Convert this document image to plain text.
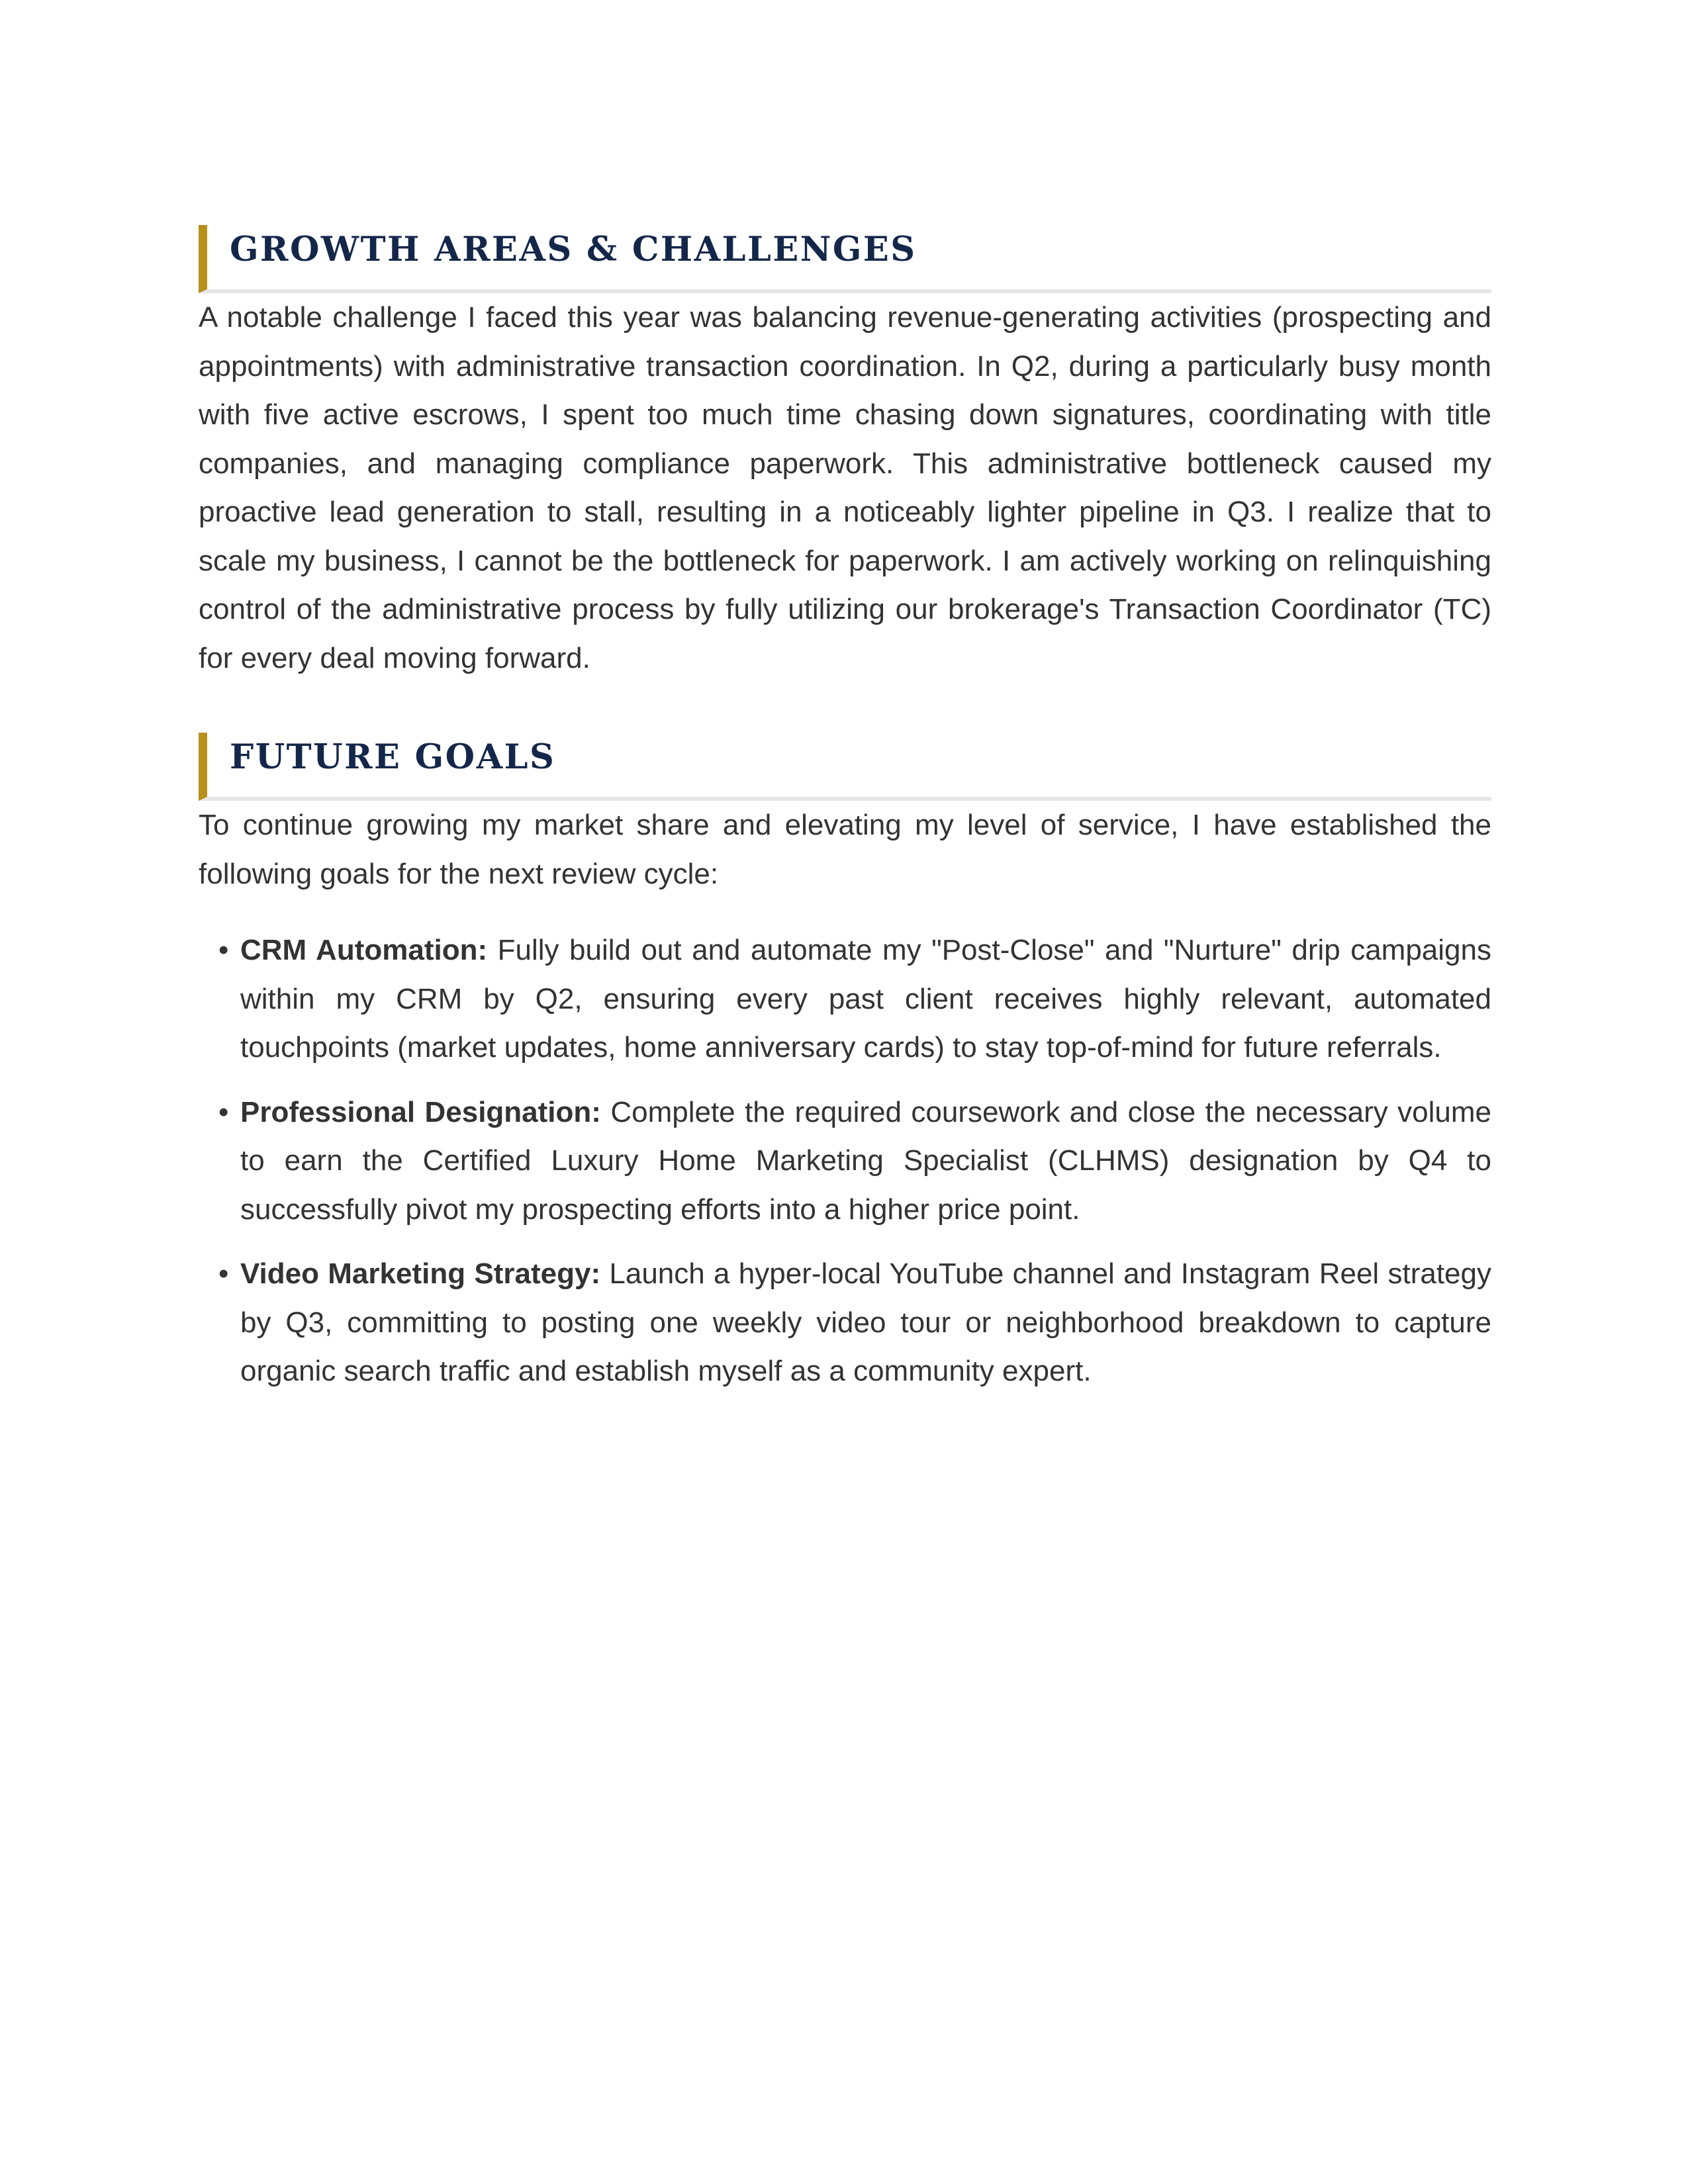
GROWTH AREAS & CHALLENGES

A notable challenge I faced this year was balancing revenue-generating activities (prospecting and appointments) with administrative transaction coordination. In Q2, during a particularly busy month with five active escrows, I spent too much time chasing down signatures, coordinating with title companies, and managing compliance paperwork. This administrative bottleneck caused my proactive lead generation to stall, resulting in a noticeably lighter pipeline in Q3. I realize that to scale my business, I cannot be the bottleneck for paperwork. I am actively working on relinquishing control of the administrative process by fully utilizing our brokerage's Transaction Coordinator (TC) for every deal moving forward.

FUTURE GOALS

To continue growing my market share and elevating my level of service, I have established the following goals for the next review cycle:

• CRM Automation: Fully build out and automate my "Post-Close" and "Nurture" drip campaigns within my CRM by Q2, ensuring every past client receives highly relevant, automated touchpoints (market updates, home anniversary cards) to stay top-of-mind for future referrals.
• Professional Designation: Complete the required coursework and close the necessary volume to earn the Certified Luxury Home Marketing Specialist (CLHMS) designation by Q4 to successfully pivot my prospecting efforts into a higher price point.
• Video Marketing Strategy: Launch a hyper-local YouTube channel and Instagram Reel strategy by Q3, committing to posting one weekly video tour or neighborhood breakdown to capture organic search traffic and establish myself as a community expert.
